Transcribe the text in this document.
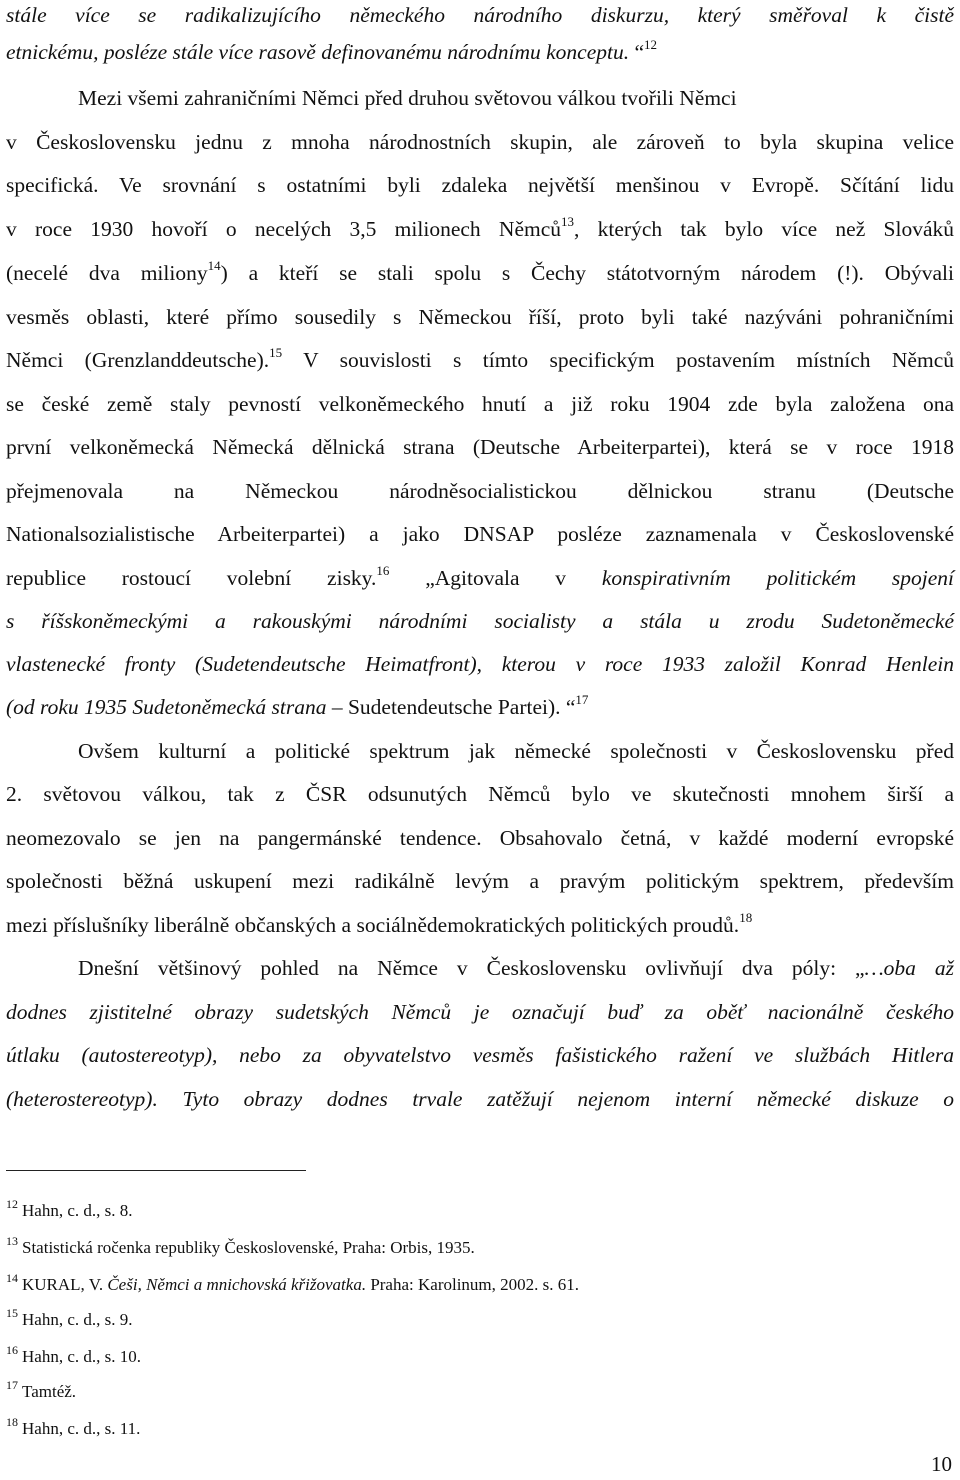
stále více se radikalizujícího německého národního diskurzu, který směřoval k čistě
etnickému, posléze stále více rasově definovanému národnímu konceptu. “$^{12}$
Mezi všemi zahraničními Němci před druhou světovou válkou tvořili Němci
v Československu jednu z mnoha národnostních skupin, ale zároveň to byla skupina velice
specifická. Ve srovnání s ostatními byli zdaleka největší menšinou v Evropě. Sčítání lidu
v roce 1930 hovoří o necelých 3,5 milionech Němců$^{13}$, kterých tak bylo více než Slováků
(necelé dva miliony$^{14}$) a kteří se stali spolu s Čechy státotvorným národem (!). Obývali
vesměs oblasti, které přímo sousedily s Německou říší, proto byli také nazýváni pohraničními
Němci (Grenzlanddeutsche).$^{15}$ V souvislosti s tímto specifickým postavením místních Němců
se české země staly pevností velkoněmeckého hnutí a již roku 1904 zde byla založena ona
první velkoněmecká Německá dělnická strana (Deutsche Arbeiterpartei), která se v roce 1918
přejmenovala na Německou národněsocialistickou dělnickou stranu (Deutsche
Nationalsozialistische Arbeiterpartei) a jako DNSAP posléze zaznamenala v Československé
republice rostoucí volební zisky.$^{16}$ „Agitovala v konspirativním politickém spojení
s říšskoněmeckými a rakouskými národními socialisty a stála u zrodu Sudetoněmecké
vlastenecké fronty (Sudetendeutsche Heimatfront), kterou v roce 1933 založil Konrad Henlein
(od roku 1935 Sudetoněmecká strana – Sudetendeutsche Partei). “$^{17}$
Ovšem kulturní a politické spektrum jak německé společnosti v Československu před
2. světovou válkou, tak z ČSR odsunutých Němců bylo ve skutečnosti mnohem širší a
neomezovalo se jen na pangermánské tendence. Obsahovalo četná, v každé moderní evropské
společnosti běžná uskupení mezi radikálně levým a pravým politickým spektrem, především
mezi příslušníky liberálně občanských a sociálnědemokratických politických proudů.$^{18}$
Dnešní většinový pohled na Němce v Československu ovlivňují dva póly: „…oba až
dodnes zjistitelné obrazy sudetských Němců je označují buď za oběť nacionálně českého
útlaku (autostereotyp), nebo za obyvatelstvo vesměs fašistického ražení ve službách Hitlera
(heterostereotyp). Tyto obrazy dodnes trvale zatěžují nejenom interní německé diskuze o
$^{12}$ Hahn, c. d., s. 8.
$^{13}$ Statistická ročenka republiky Československé, Praha: Orbis, 1935.
$^{14}$ KURAL, V. Češi, Němci a mnichovská křižovatka. Praha: Karolinum, 2002. s. 61.
$^{15}$ Hahn, c. d., s. 9.
$^{16}$ Hahn, c. d., s. 10.
$^{17}$ Tamtéž.
$^{18}$ Hahn, c. d., s. 11.
10
